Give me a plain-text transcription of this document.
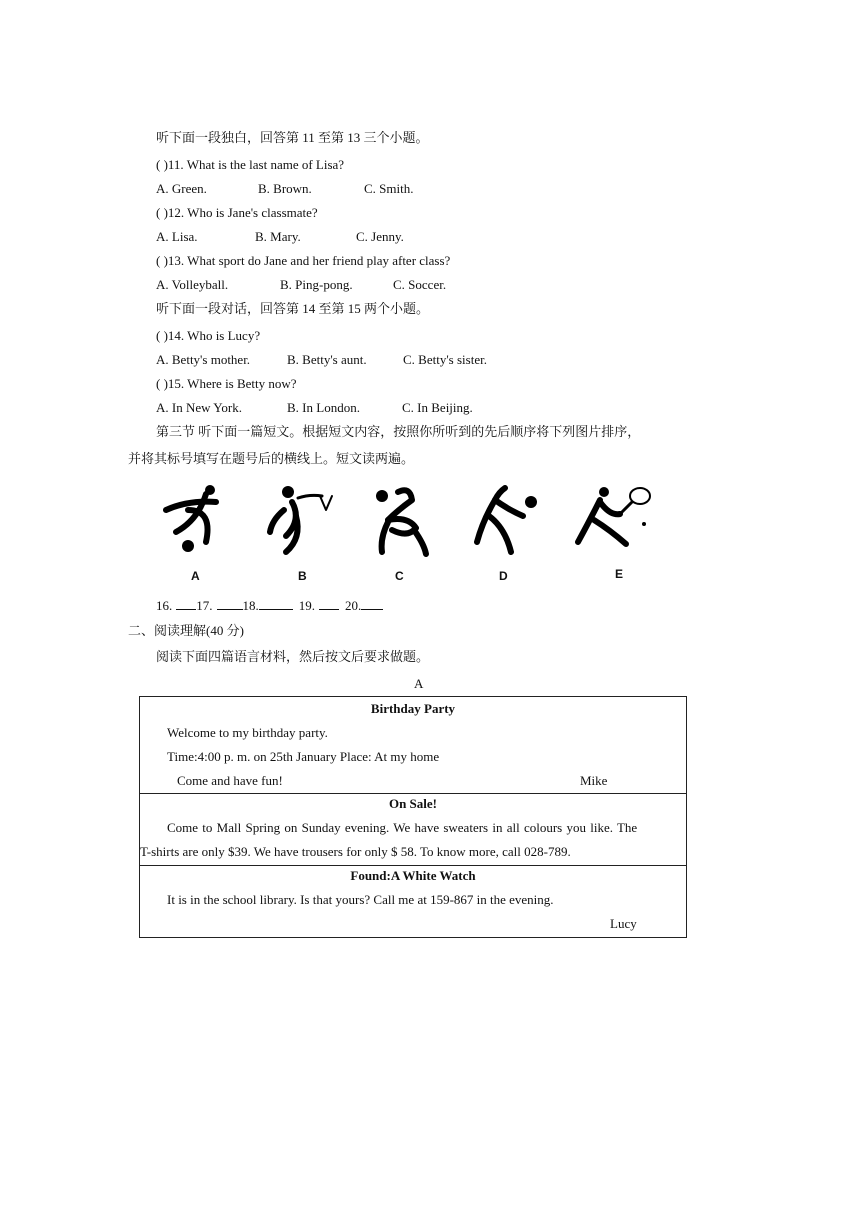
听下面一段独白，回答第 11 至第 13 三个小题。
( )11. What is the last name of Lisa?
A. Green.	B. Brown.	C. Smith.
( )12. Who is Jane's classmate?
A. Lisa.	B. Mary.	C. Jenny.
( )13. What sport do Jane and her friend play after class?
A. Volleyball.	B. Ping-pong.	C. Soccer.
听下面一段对话，回答第 14 至第 15 两个小题。
( )14. Who is Lucy?
A. Betty's mother.	B. Betty's aunt.	C. Betty's sister.
( )15. Where is Betty now?
A. In New York.	B. In London.	C. In Beijing.
第三节 听下面一篇短文。根据短文内容，按照你所听到的先后顺序将下列图片排序，
并将其标号填写在题号后的横线上。短文读两遍。
A	B	C	D	E
16. 17. 18.	19. 20.
二、阅读理解(40 分)
阅读下面四篇语言材料，然后按文后要求做题。
A
Birthday Party
Welcome to my birthday party.
Time:4:00 p. m. on 25th January Place: At my home
Come and have fun!	Mike
On Sale!
Come to Mall Spring on Sunday evening. We have sweaters in all colours you like. The
T-shirts are only $39. We have trousers for only $ 58. To know more, call 028-789.
Found:A White Watch
It is in the school library. Is that yours? Call me at 159-867 in the evening.
Lucy
